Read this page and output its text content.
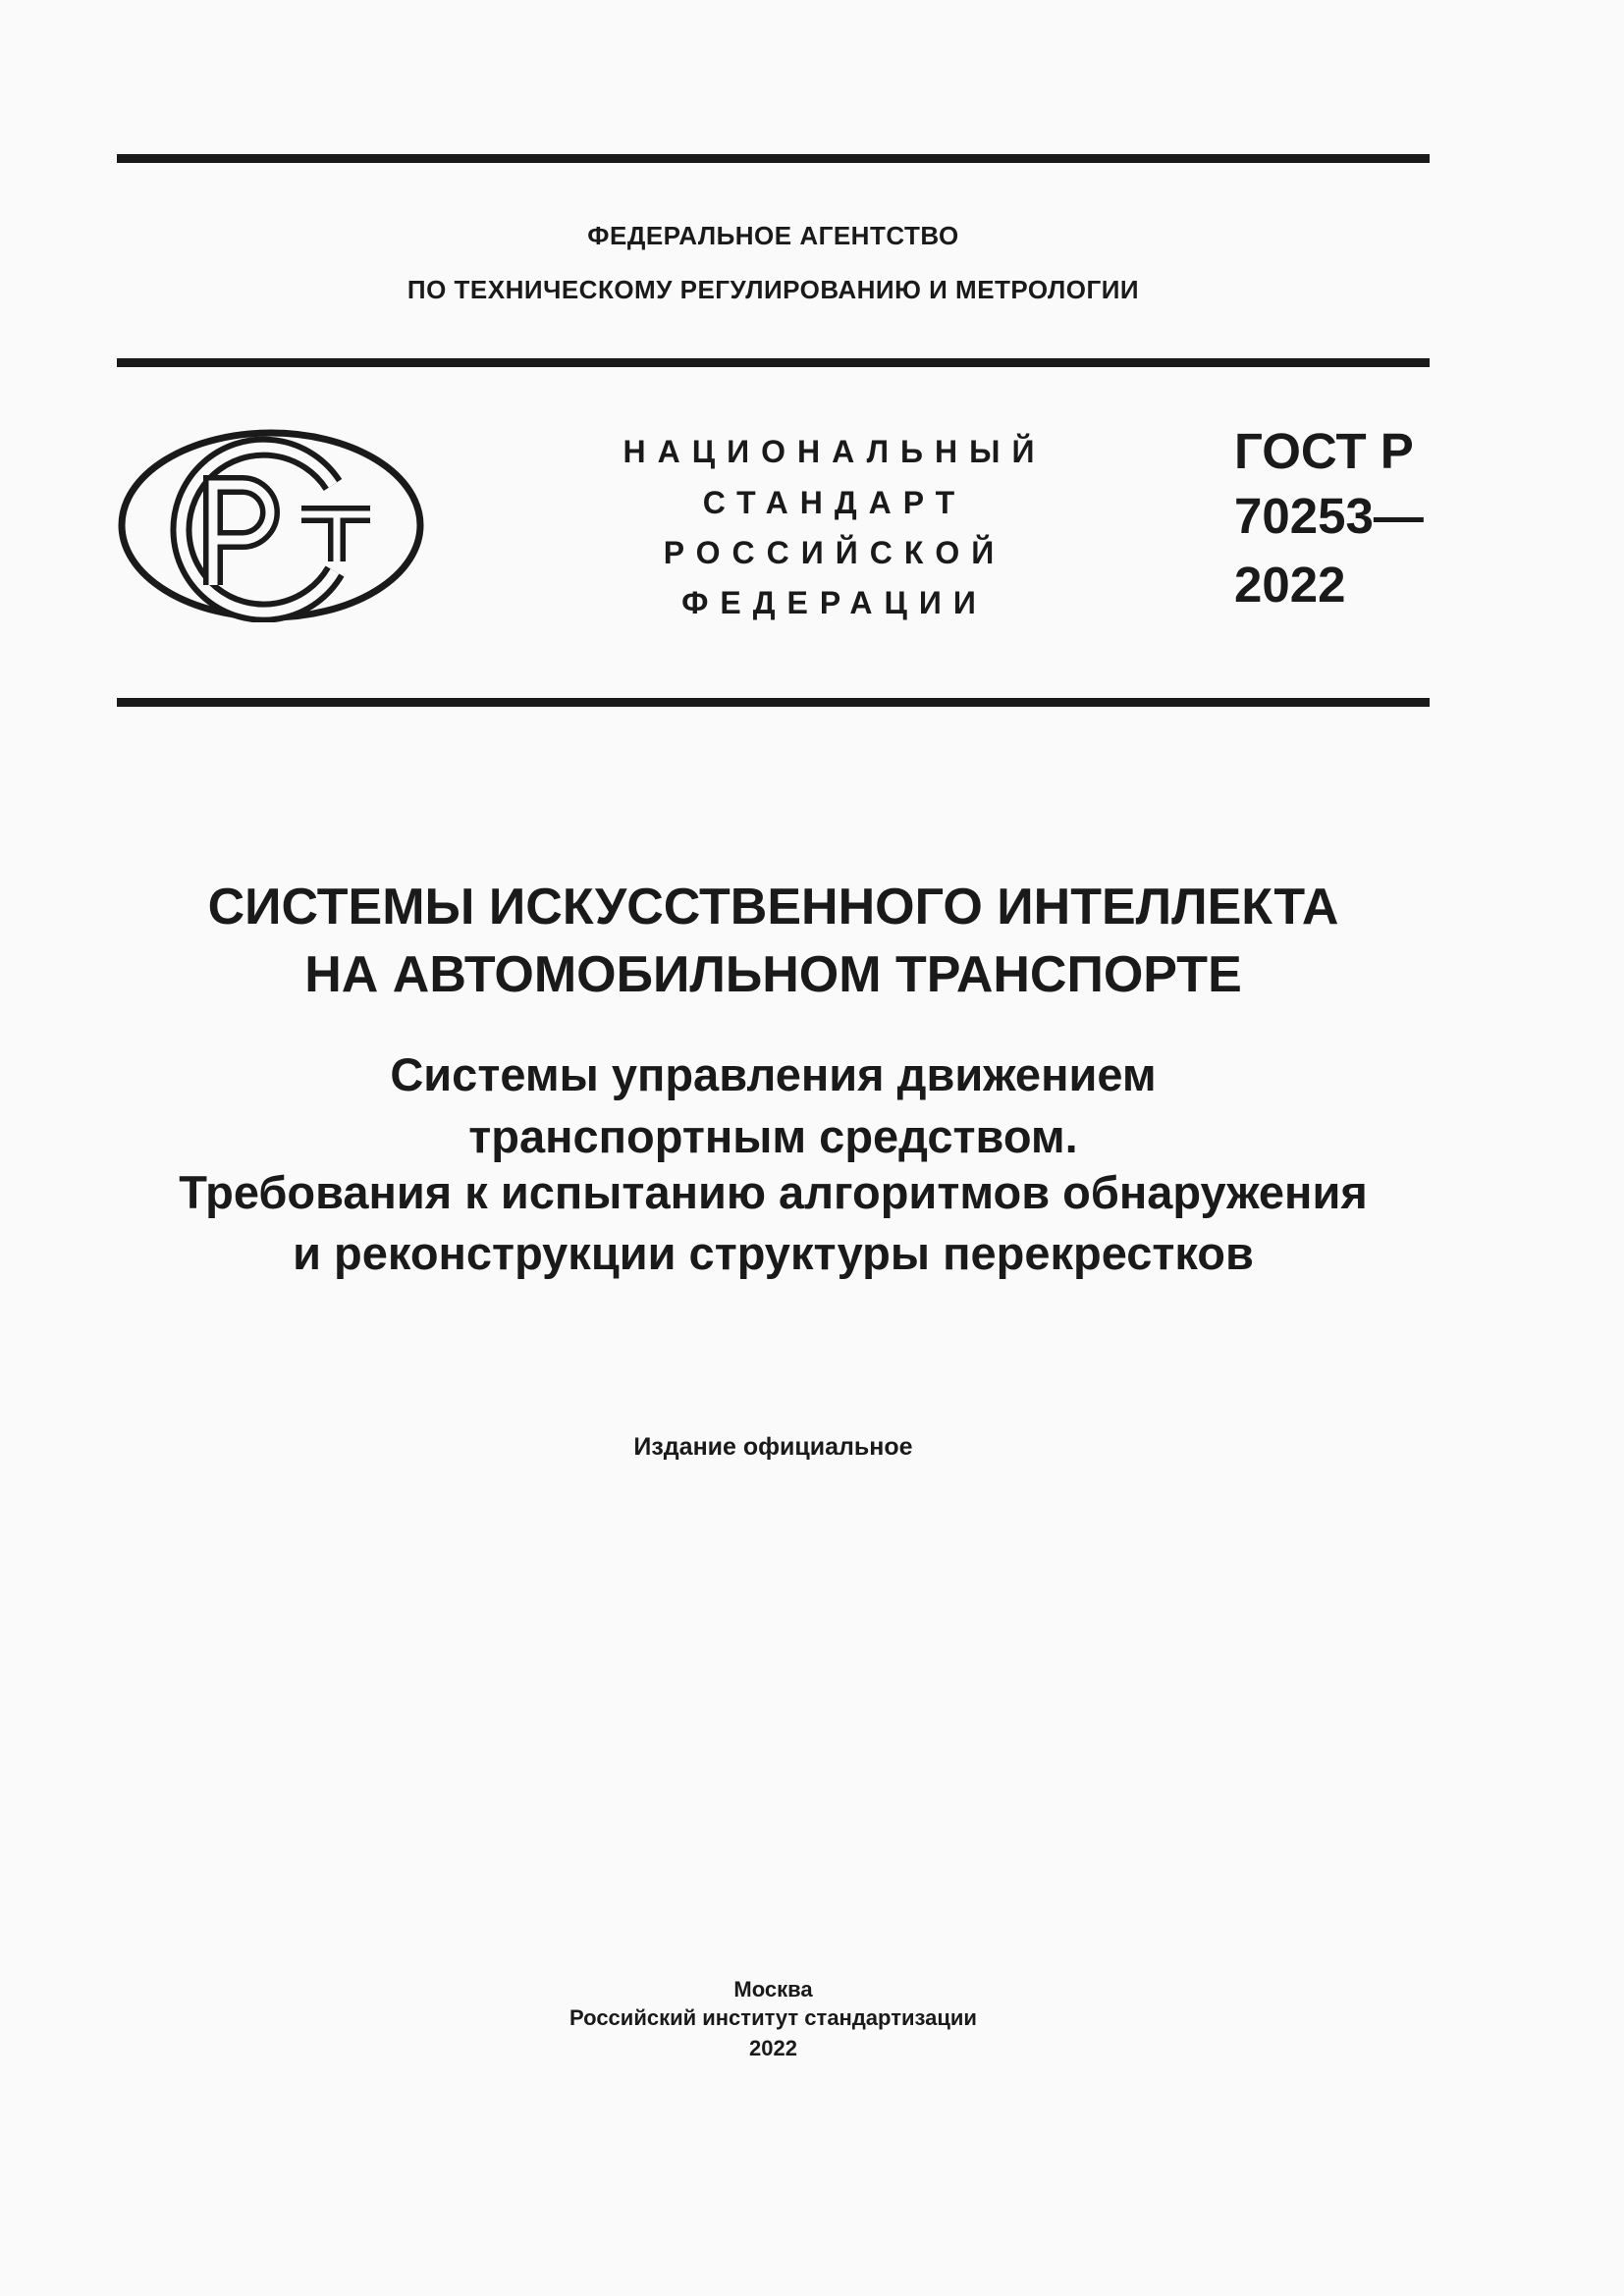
ФЕДЕРАЛЬНОЕ АГЕНТСТВО
ПО ТЕХНИЧЕСКОМУ РЕГУЛИРОВАНИЮ И МЕТРОЛОГИИ
НАЦИОНАЛЬНЫЙ
СТАНДАРТ
РОССИЙСКОЙ
ФЕДЕРАЦИИ
ГОСТ Р
70253—
2022
СИСТЕМЫ ИСКУССТВЕННОГО ИНТЕЛЛЕКТА
НА АВТОМОБИЛЬНОМ ТРАНСПОРТЕ
Системы управления движением
транспортным средством.
Требования к испытанию алгоритмов обнаружения
и реконструкции структуры перекрестков
Издание официальное
Москва
Российский институт стандартизации
2022
